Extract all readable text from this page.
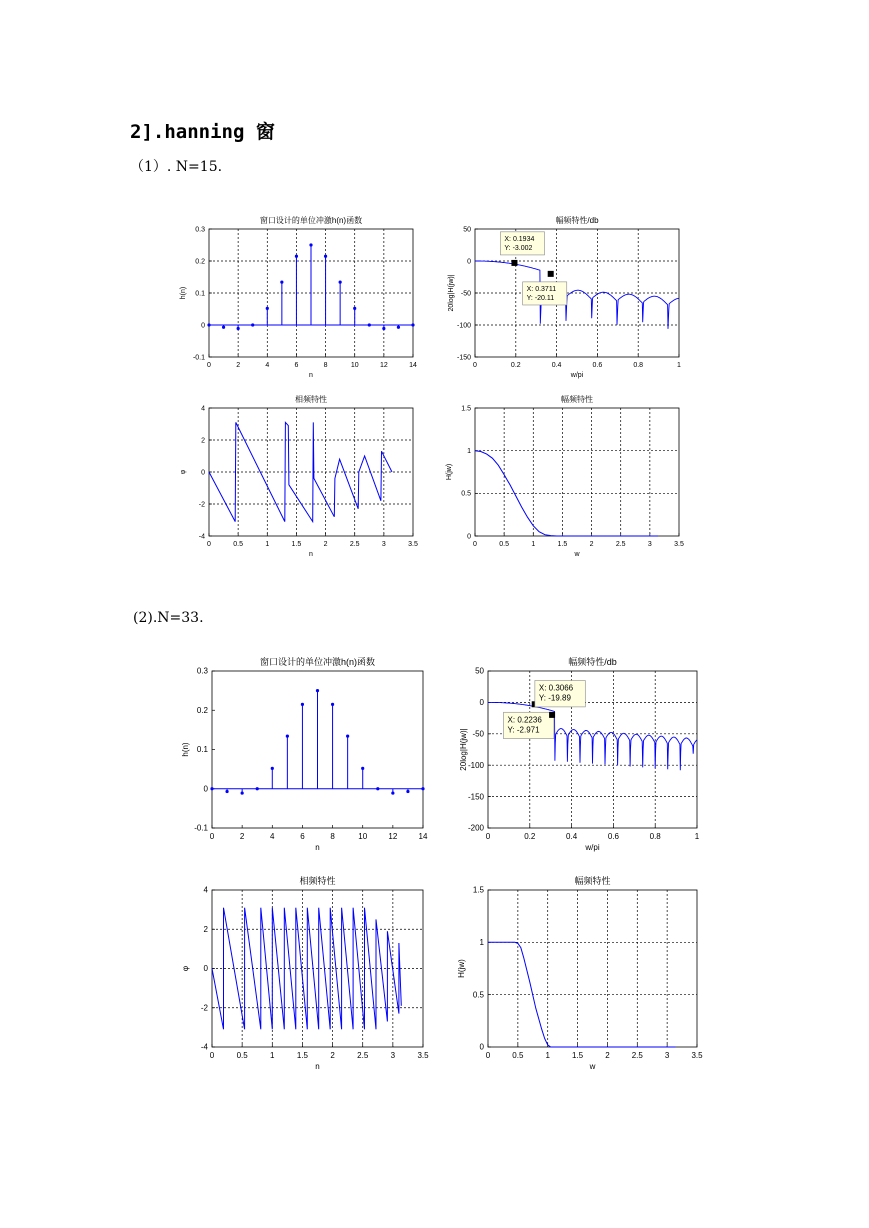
2].hanning 窗
（1）. N=15.
(2).N=33.
0	2	4	6	8	10	12	14
-0.1
0
0.1
0.2
0.3
窗口设计的单位冲激h(n)函数
n
h(n)
0	0.2	0.4	0.6	0.8	1
-150
-100
-50
0
50
幅频特性/db
w/pi
20log|H(jw)|
X: 0.1934
Y: -3.002
X: 0.3711
Y: -20.11
0	0.5	1	1.5	2	2.5	3	3.5
-4
-2
0
2
4
相频特性
n
φ
0	0.5	1	1.5	2	2.5	3	3.5
0
0.5
1
1.5
幅频特性
w
H(jw)
0	2	4	6	8	10	12	14
-0.1
0
0.1
0.2
0.3
窗口设计的单位冲激h(n)函数
n
h(n)
0	0.2	0.4	0.6	0.8	1
-200
-150
-100
-50
0
50
幅频特性/db
w/pi
20log|H(jw)|
X: 0.2236
Y: -2.971
X: 0.3066
Y: -19.89
0	0.5	1	1.5	2	2.5	3	3.5
-4
-2
0
2
4
相频特性
n
φ
0	0.5	1	1.5	2	2.5	3	3.5
0
0.5
1
1.5
幅频特性
w
H(jw)
